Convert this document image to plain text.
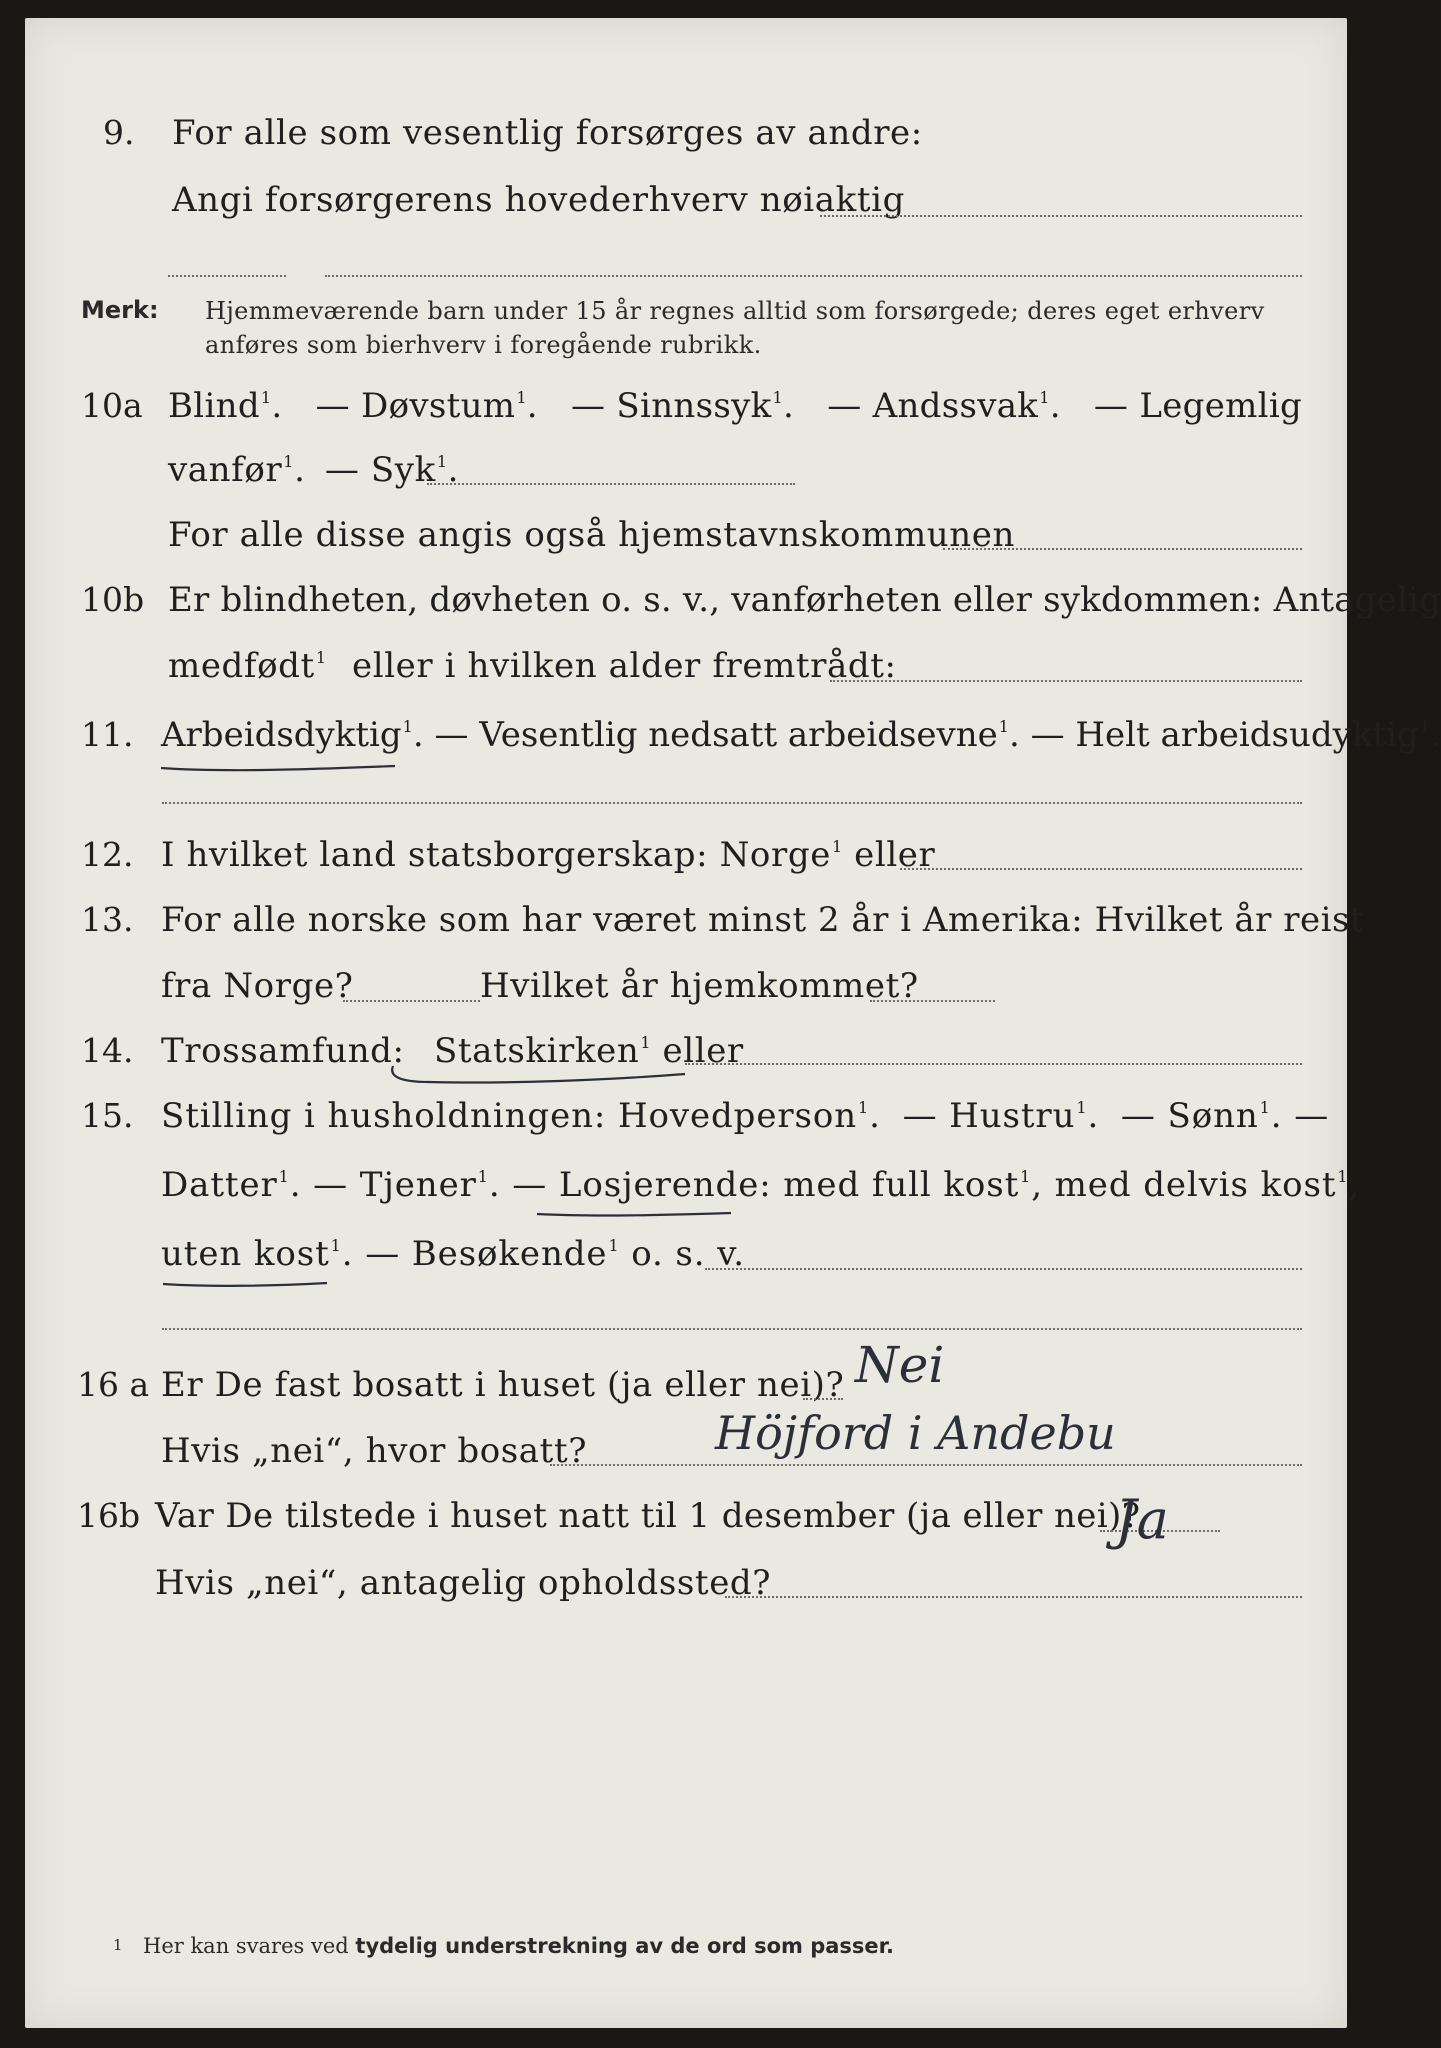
9. For alle som vesentlig forsørges av andre:
Angi forsørgerens hovederhverv nøiaktig
Merk: Hjemmeværende barn under 15 år regnes alltid som forsørgede; deres eget erhverv
anføres som bierhverv i foregående rubrikk.
10a Blind$^1$. — Døvstum$^1$. — Sinnssyk$^1$. — Andssvak$^1$. — Legemlig
vanfør$^1$. — Syk$^1$.
For alle disse angis også hjemstavnskommunen
10b Er blindheten, døvheten o. s. v., vanførheten eller sykdommen: Antagelig
medfødt$^1$ eller i hvilken alder fremtrådt:
11. Arbeidsdyktig$^1$. — Vesentlig nedsatt arbeidsevne$^1$. — Helt arbeidsudyktig$^1$.
12. I hvilket land statsborgerskap: Norge$^1$ eller
13. For alle norske som har været minst 2 år i Amerika: Hvilket år reist
fra Norge?	Hvilket år hjemkommet?
14. Trossamfund: Statskirken$^1$ eller
15. Stilling i husholdningen: Hovedperson$^1$. — Hustru$^1$. — Sønn$^1$. —
Datter$^1$. — Tjener$^1$. — Losjerende: med full kost$^1$, med delvis kost$^1$,
uten kost$^1$. — Besøkende$^1$ o. s. v.
16 a Er De fast bosatt i huset (ja eller nei)? Nei
Hvis „nei“, hvor bosatt?	Höjford i Andebu
16b Var De tilstede i huset natt til 1 desember (ja eller nei)?
Ja
Hvis „nei“, antagelig opholdssted?
1 Her kan svares ved tydelig understrekning av de ord som passer.
